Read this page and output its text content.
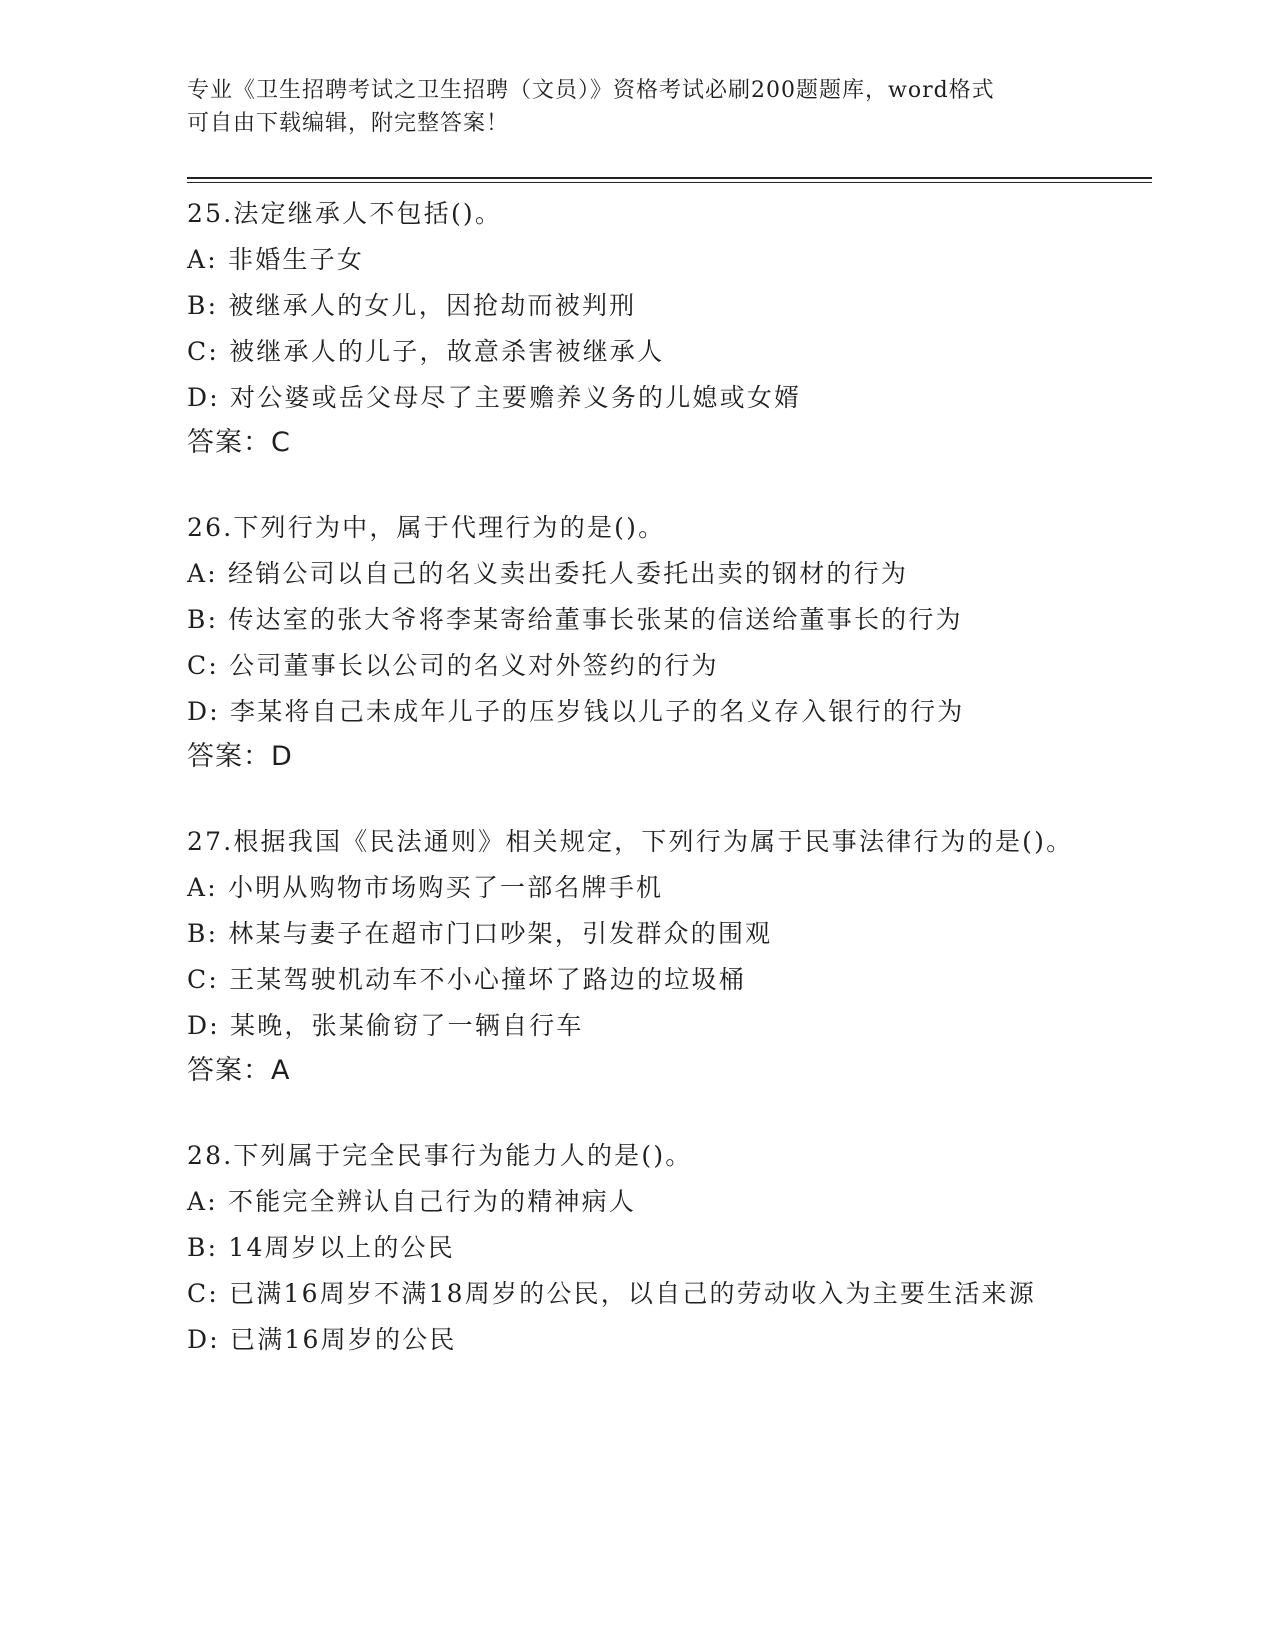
专业《卫生招聘考试之卫生招聘（文员）》资格考试必刷200题题库，word格式
可自由下载编辑，附完整答案！
25.法定继承人不包括()。
A: 非婚生子女
B: 被继承人的女儿，因抢劫而被判刑
C: 被继承人的儿子，故意杀害被继承人
D: 对公婆或岳父母尽了主要赡养义务的儿媳或女婿
答案：C
26.下列行为中，属于代理行为的是()。
A: 经销公司以自己的名义卖出委托人委托出卖的钢材的行为
B: 传达室的张大爷将李某寄给董事长张某的信送给董事长的行为
C: 公司董事长以公司的名义对外签约的行为
D: 李某将自己未成年儿子的压岁钱以儿子的名义存入银行的行为
答案：D
27.根据我国《民法通则》相关规定，下列行为属于民事法律行为的是()。
A: 小明从购物市场购买了一部名牌手机
B: 林某与妻子在超市门口吵架，引发群众的围观
C: 王某驾驶机动车不小心撞坏了路边的垃圾桶
D: 某晚，张某偷窃了一辆自行车
答案：A
28.下列属于完全民事行为能力人的是()。
A: 不能完全辨认自己行为的精神病人
B: 14周岁以上的公民
C: 已满16周岁不满18周岁的公民，以自己的劳动收入为主要生活来源
D: 已满16周岁的公民
